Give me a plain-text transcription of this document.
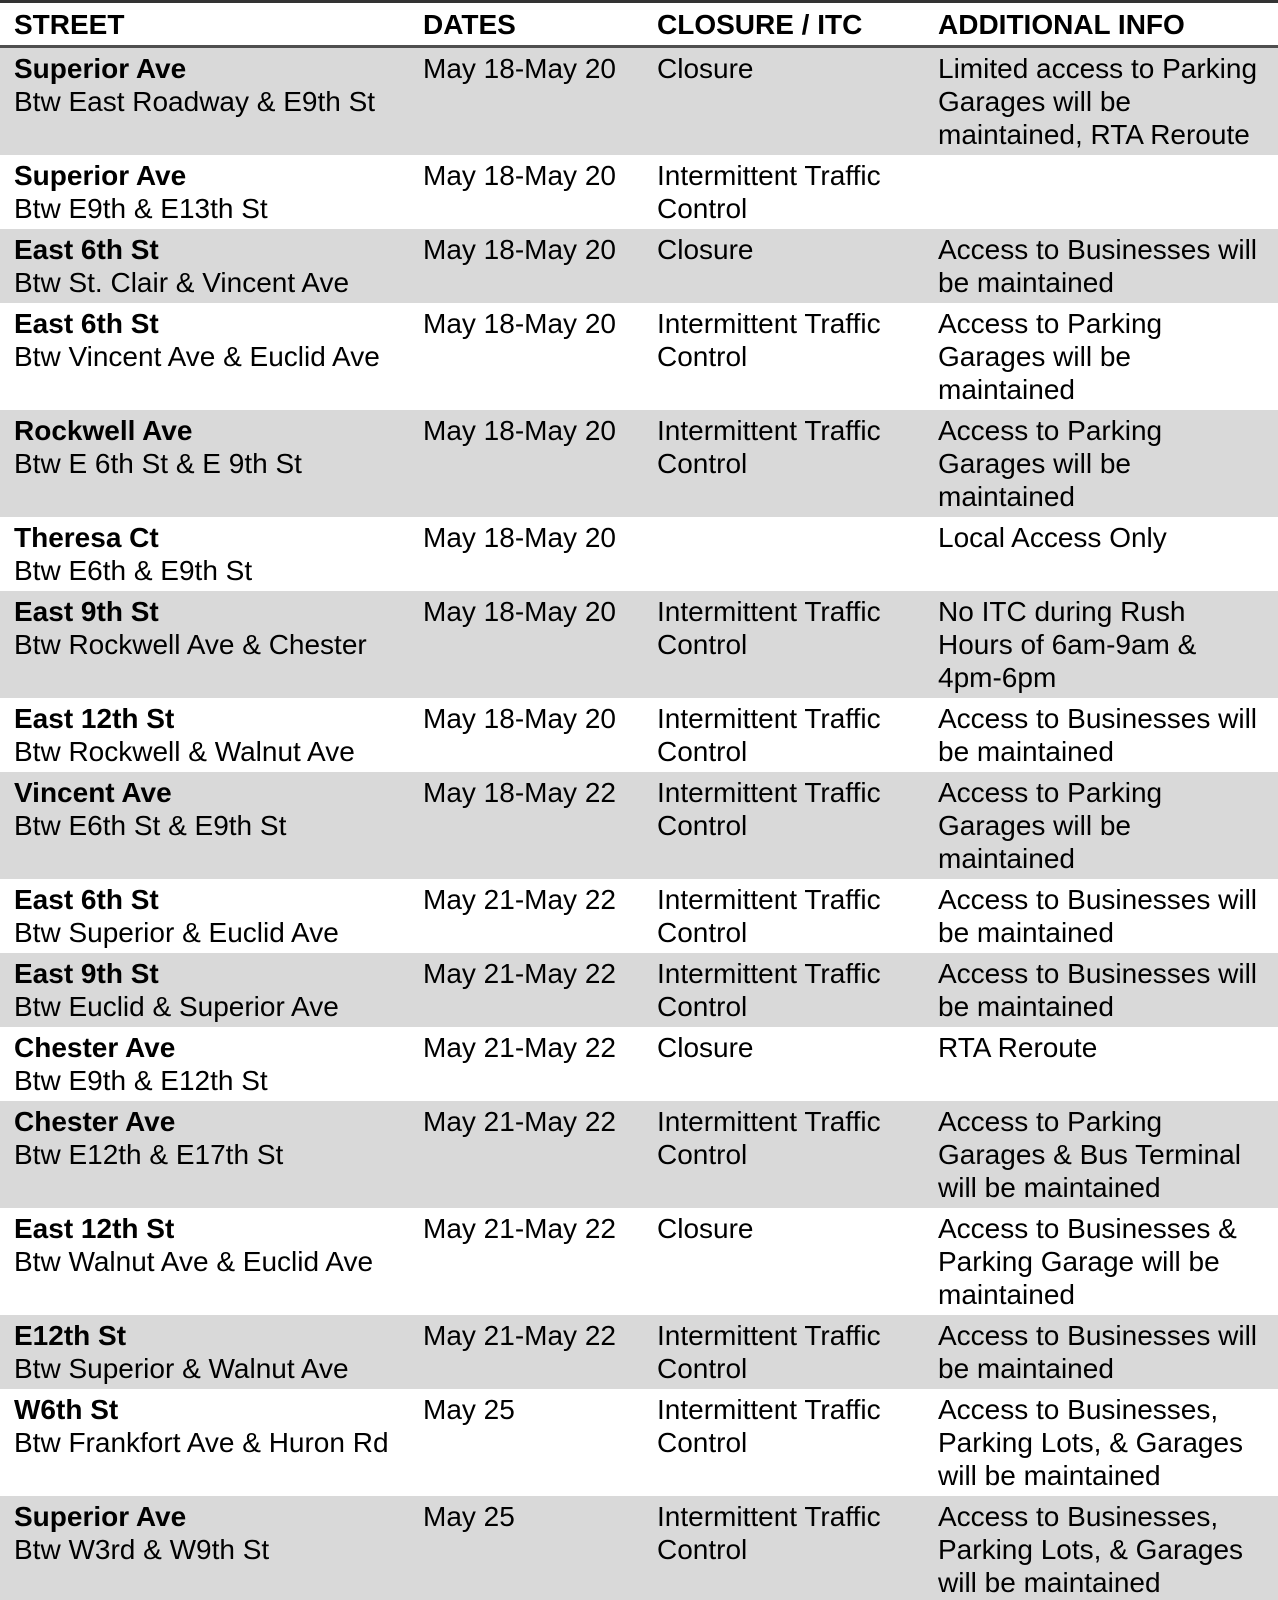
STREET	DATES	CLOSURE / ITC	ADDITIONAL INFO

Superior Ave
Btw East Roadway & E9th St	May 18-May 20	Closure	Limited access to Parking Garages will be maintained, RTA Reroute

Superior Ave
Btw E9th & E13th St	May 18-May 20	Intermittent Traffic Control	

East 6th St
Btw St. Clair & Vincent Ave	May 18-May 20	Closure	Access to Businesses will be maintained

East 6th St
Btw Vincent Ave & Euclid Ave	May 18-May 20	Intermittent Traffic Control	Access to Parking Garages will be maintained

Rockwell Ave
Btw E 6th St & E 9th St	May 18-May 20	Intermittent Traffic Control	Access to Parking Garages will be maintained

Theresa Ct
Btw E6th & E9th St	May 18-May 20		Local Access Only

East 9th St
Btw Rockwell Ave & Chester	May 18-May 20	Intermittent Traffic Control	No ITC during Rush Hours of 6am-9am & 4pm-6pm

East 12th St
Btw Rockwell & Walnut Ave	May 18-May 20	Intermittent Traffic Control	Access to Businesses will be maintained

Vincent Ave
Btw E6th St & E9th St	May 18-May 22	Intermittent Traffic Control	Access to Parking Garages will be maintained

East 6th St
Btw Superior & Euclid Ave	May 21-May 22	Intermittent Traffic Control	Access to Businesses will be maintained

East 9th St
Btw Euclid & Superior Ave	May 21-May 22	Intermittent Traffic Control	Access to Businesses will be maintained

Chester Ave
Btw E9th & E12th St	May 21-May 22	Closure	RTA Reroute

Chester Ave
Btw E12th & E17th St	May 21-May 22	Intermittent Traffic Control	Access to Parking Garages & Bus Terminal will be maintained

East 12th St
Btw Walnut Ave & Euclid Ave	May 21-May 22	Closure	Access to Businesses & Parking Garage will be maintained

E12th St
Btw Superior & Walnut Ave	May 21-May 22	Intermittent Traffic Control	Access to Businesses will be maintained

W6th St
Btw Frankfort Ave & Huron Rd	May 25	Intermittent Traffic Control	Access to Businesses, Parking Lots, & Garages will be maintained

Superior Ave
Btw W3rd & W9th St	May 25	Intermittent Traffic Control	Access to Businesses, Parking Lots, & Garages will be maintained
